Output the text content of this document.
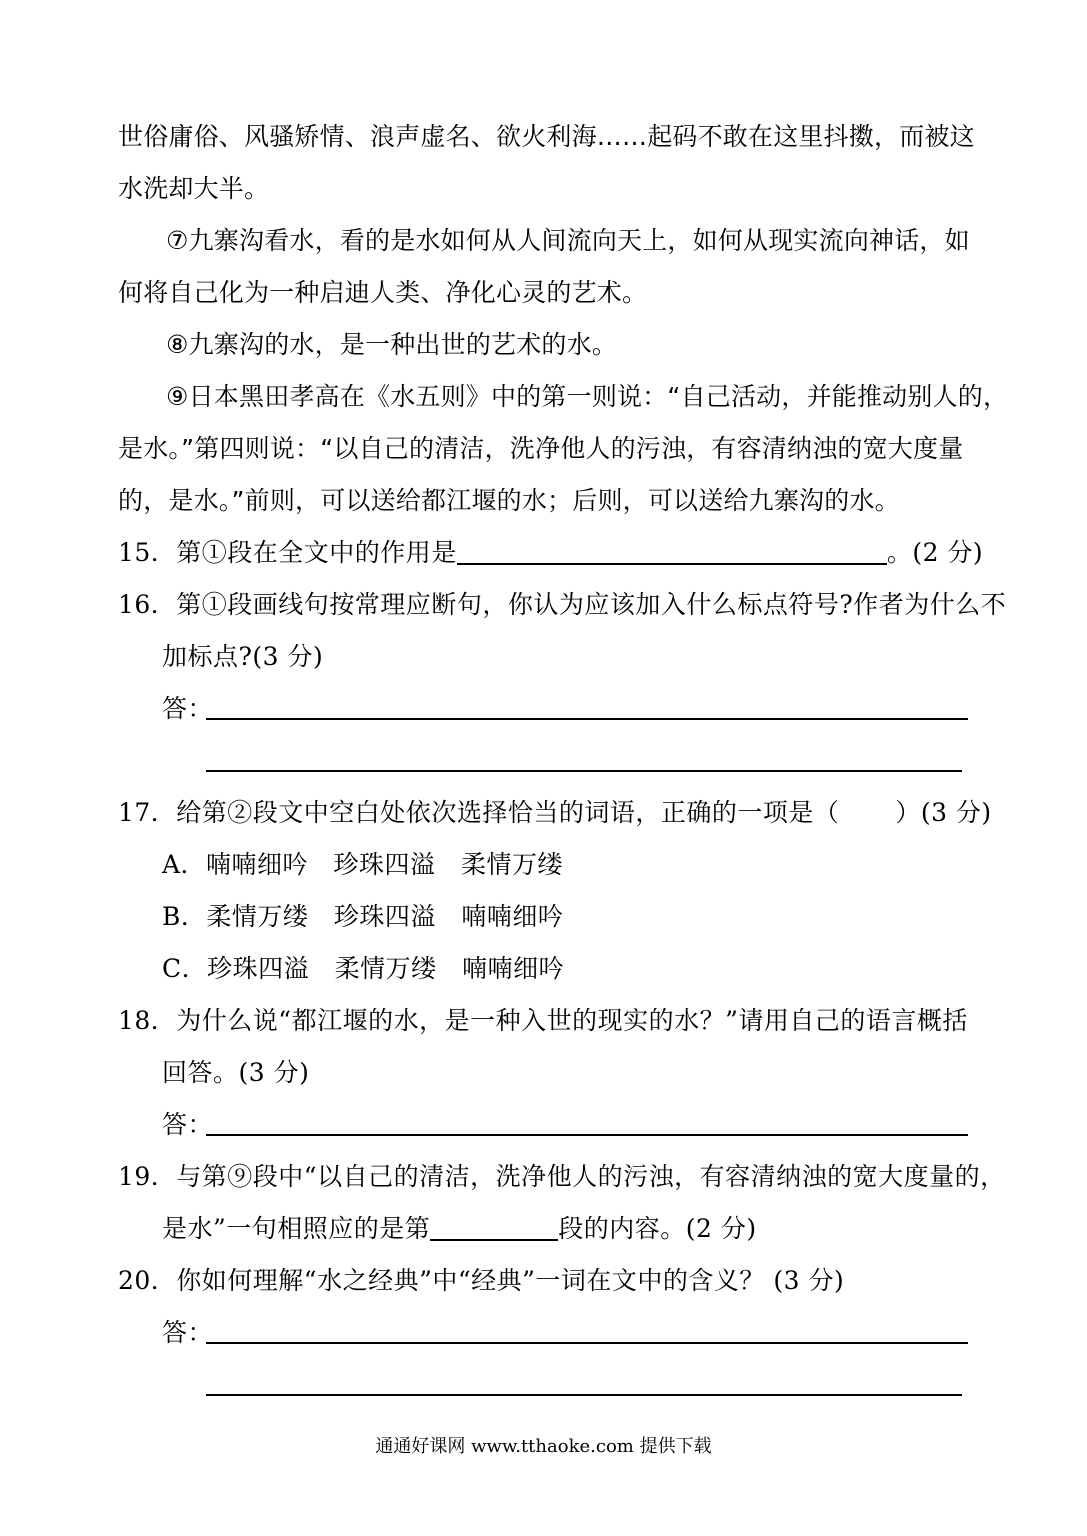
世俗庸俗、风骚矫情、浪声虚名、欲火利海……起码不敢在这里抖擞，而被这
水洗却大半。
⑦九寨沟看水，看的是水如何从人间流向天上，如何从现实流向神话，如
何将自己化为一种启迪人类、净化心灵的艺术。
⑧九寨沟的水，是一种出世的艺术的水。
⑨日本黑田孝高在《水五则》中的第一则说：“自己活动，并能推动别人的，
是水。”第四则说：“以自己的清洁，洗净他人的污浊，有容清纳浊的宽大度量
的，是水。”前则，可以送给都江堰的水；后则，可以送给九寨沟的水。
15．第①段在全文中的作用是	。(2 分)
16．第①段画线句按常理应断句，你认为应该加入什么标点符号?作者为什么不
加标点?(3 分)
答：
17．给第②段文中空白处依次选择恰当的词语，正确的一项是（ ）(3 分)
A．喃喃细吟　珍珠四溢　柔情万缕
B．柔情万缕　珍珠四溢　喃喃细吟
C．珍珠四溢　柔情万缕　喃喃细吟
18．为什么说“都江堰的水，是一种入世的现实的水？”请用自己的语言概括
回答。(3 分)
答：
19．与第⑨段中“以自己的清洁，洗净他人的污浊，有容清纳浊的宽大度量的，
是水”一句相照应的是第	段的内容。(2 分)
20．你如何理解“水之经典”中“经典”一词在文中的含义？ (3 分)
答：
通通好课网 www.tthaoke.com 提供下载
